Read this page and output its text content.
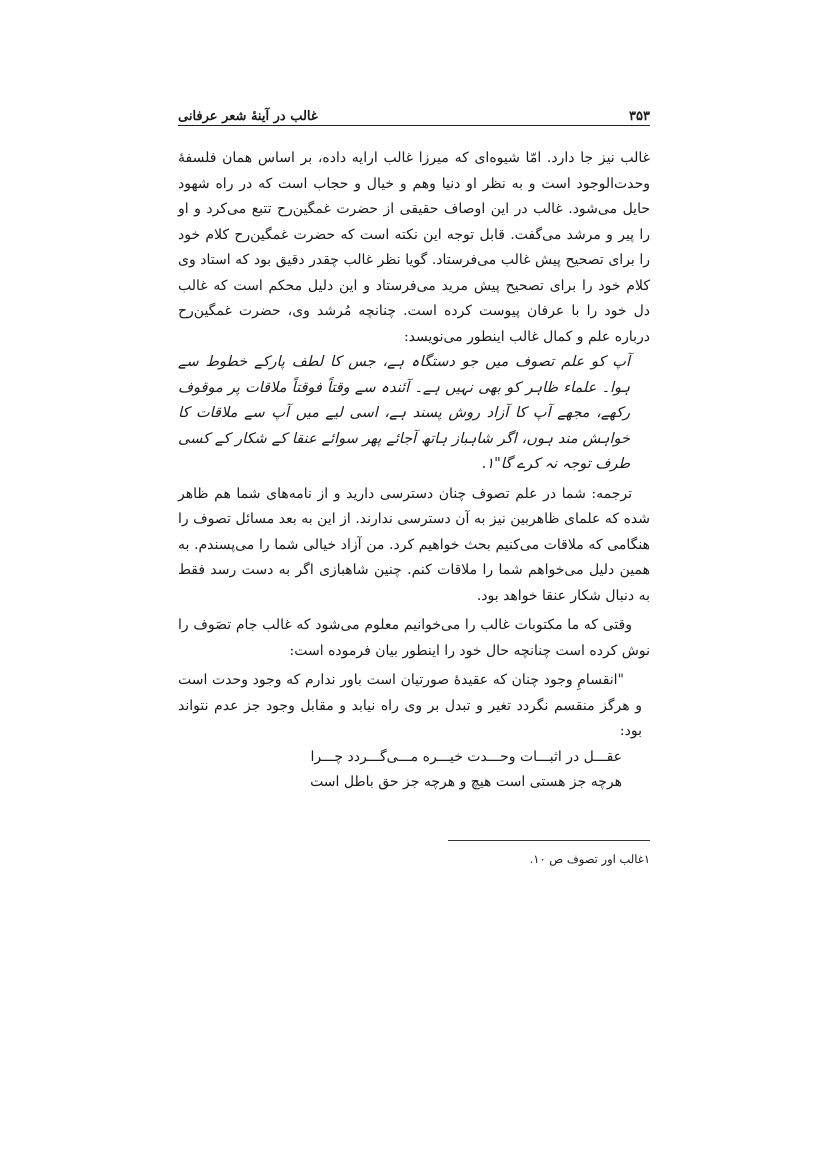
۳۵۳
غالب در آینهٔ شعر عرفانی

غالب نیز جا دارد. امّا شیوه‌ای که میرزا غالب ارایه داده، بر اساس همان فلسفهٔ وحدت‌الوجود است و به نظر او دنیا وهم و خیال و حجاب است که در راه شهود حایل می‌شود. غالب در این اوصاف حقیقی از حضرت غمگین‌رح تتبع می‌کرد و او را پیر و مرشد می‌گفت. قابل توجه این نکته است که حضرت غمگین‌رح کلام خود را برای تصحیح پیش غالب می‌فرستاد. گویا نظر غالب چقدر دقیق بود که استاد وی کلام خود را برای تصحیح پیش مرید می‌فرستاد و این دلیل محکم است که غالب دل خود را با عرفان پیوست کرده است. چنانچه مُرشد وی، حضرت غمگین‌رح درباره علم و کمال غالب اینطور می‌نویسد:

آپ کو علم تصوف میں جو دستگاہ ہے، جس کا لطف پارکے خطوط سے ہوا۔ علماء ظاہر کو بھی نہیں ہے۔ آئندہ سے وقتاً فوقتاً ملاقات پر موقوف رکھے، مجھے آپ کا آزاد روش پسند ہے، اسی لیے میں آپ سے ملاقات کا خواہش مند ہوں، اگر شاہباز ہاتھ آجائے پھر سوائے عنقا کے شکار کے کسی طرف توجہ نہ کرے گا"۱.

ترجمه: شما در علم تصوف چنان دسترسی دارید و از نامه‌های شما هم ظاهر شده که علمای ظاهربین نیز به آن دسترسی ندارند. از این به بعد مسائل تصوف را هنگامی که ملاقات می‌کنیم بحث خواهیم کرد. من آزاد خیالی شما را می‌پسندم. به همین دلیل می‌خواهم شما را ملاقات کنم. چنین شاهبازی اگر به دست رسد فقط به دنبال شکار عنقا خواهد بود.

وقتی که ما مکتوبات غالب را می‌خوانیم معلوم می‌شود که غالب جام تصَوف را نوش کرده است چنانچه حال خود را اینطور بیان فرموده است:

"انقسامِ وجود چنان که عقیدهٔ صورتیان است باور ندارم که وجود وحدت است و هرگز منقسم نگردد تغیر و تبدل بر وی راه نیابد و مقابل وجود جز عدم نتواند بود:

عقـــل در اثبـــات وحـــدت خیـــره مـــی‌گـــردد چـــرا

هرچه جز هستی است هیچ و هرچه جز حق باطل است

۱غالب اور تصوف ص ۱۰.
